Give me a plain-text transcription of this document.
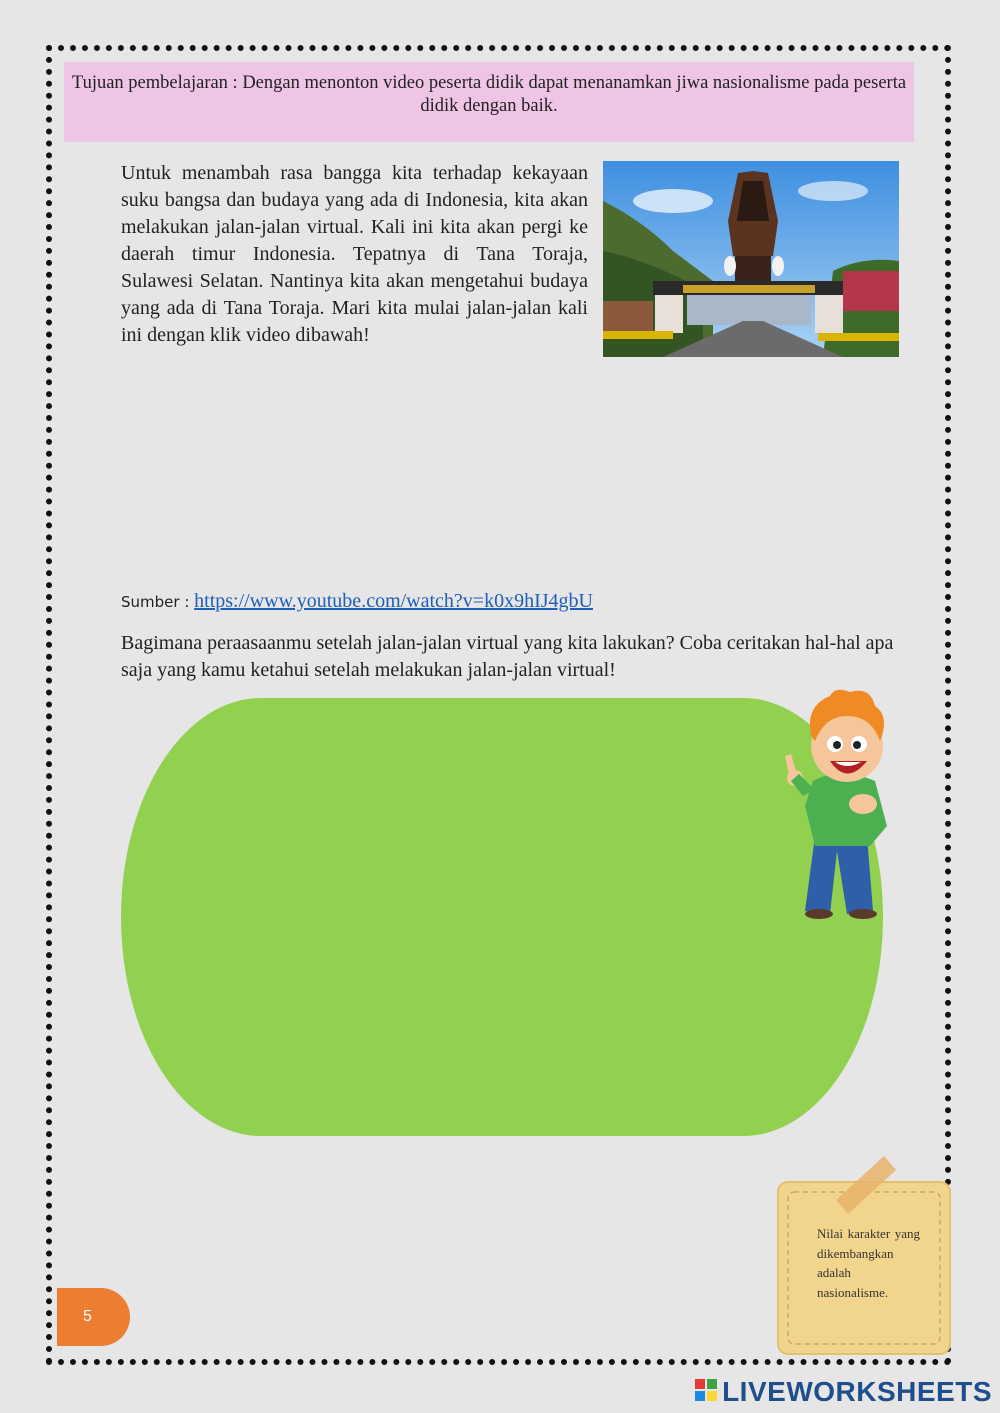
Tujuan pembelajaran : Dengan menonton video peserta didik dapat menanamkan jiwa nasionalisme pada peserta didik dengan baik.

Untuk menambah rasa bangga kita terhadap kekayaan suku bangsa dan budaya yang ada di Indonesia, kita akan melakukan jalan-jalan virtual. Kali ini kita akan pergi ke daerah timur Indonesia. Tepatnya di Tana Toraja, Sulawesi Selatan. Nantinya kita akan mengetahui budaya yang ada di Tana Toraja. Mari kita mulai jalan-jalan kali ini dengan klik video dibawah!

Sumber : https://www.youtube.com/watch?v=k0x9hIJ4gbU

Bagimana peraasaanmu setelah jalan-jalan virtual yang kita lakukan? Coba ceritakan hal-hal apa saja yang kamu ketahui setelah melakukan jalan-jalan virtual!

Nilai karakter yang dikembangkan adalah nasionalisme.
5
LIVEWORKSHEETS
